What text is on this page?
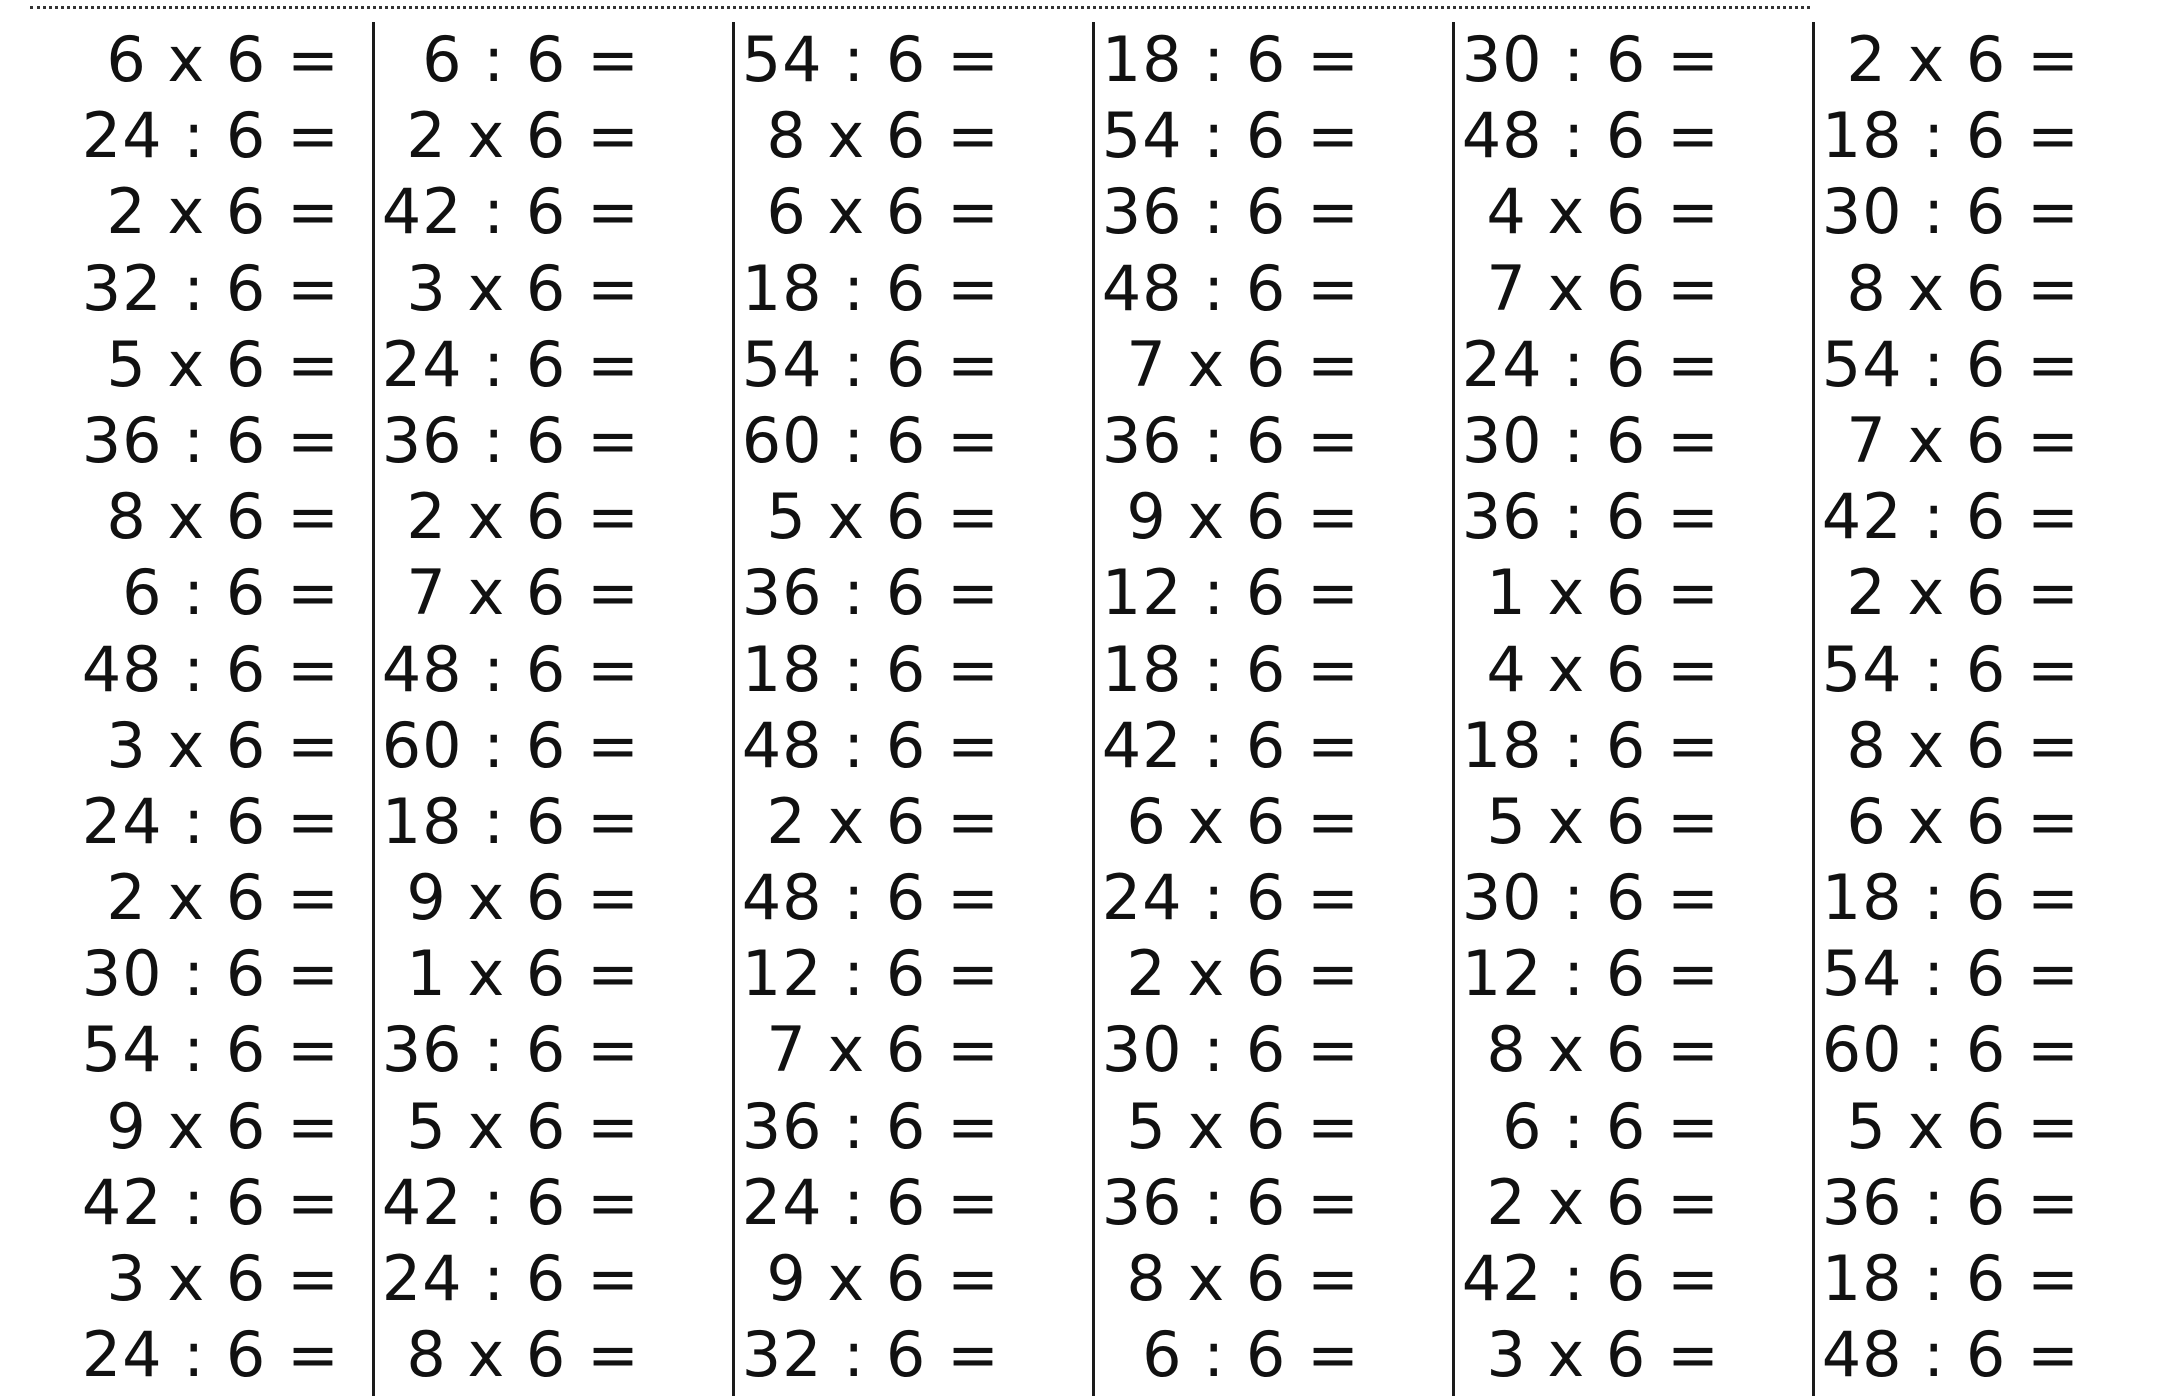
6 x 6 =
24 : 6 =
2 x 6 =
32 : 6 =
5 x 6 =
36 : 6 =
8 x 6 =
6 : 6 =
48 : 6 =
3 x 6 =
24 : 6 =
2 x 6 =
30 : 6 =
54 : 6 =
9 x 6 =
42 : 6 =
3 x 6 =
24 : 6 =
6 : 6 =
2 x 6 =
42 : 6 =
3 x 6 =
24 : 6 =
36 : 6 =
2 x 6 =
7 x 6 =
48 : 6 =
60 : 6 =
18 : 6 =
9 x 6 =
1 x 6 =
36 : 6 =
5 x 6 =
42 : 6 =
24 : 6 =
8 x 6 =
54 : 6 =
8 x 6 =
6 x 6 =
18 : 6 =
54 : 6 =
60 : 6 =
5 x 6 =
36 : 6 =
18 : 6 =
48 : 6 =
2 x 6 =
48 : 6 =
12 : 6 =
7 x 6 =
36 : 6 =
24 : 6 =
9 x 6 =
32 : 6 =
18 : 6 =
54 : 6 =
36 : 6 =
48 : 6 =
7 x 6 =
36 : 6 =
9 x 6 =
12 : 6 =
18 : 6 =
42 : 6 =
6 x 6 =
24 : 6 =
2 x 6 =
30 : 6 =
5 x 6 =
36 : 6 =
8 x 6 =
6 : 6 =
30 : 6 =
48 : 6 =
4 x 6 =
7 x 6 =
24 : 6 =
30 : 6 =
36 : 6 =
1 x 6 =
4 x 6 =
18 : 6 =
5 x 6 =
30 : 6 =
12 : 6 =
8 x 6 =
6 : 6 =
2 x 6 =
42 : 6 =
3 x 6 =
2 x 6 =
18 : 6 =
30 : 6 =
8 x 6 =
54 : 6 =
7 x 6 =
42 : 6 =
2 x 6 =
54 : 6 =
8 x 6 =
6 x 6 =
18 : 6 =
54 : 6 =
60 : 6 =
5 x 6 =
36 : 6 =
18 : 6 =
48 : 6 =
